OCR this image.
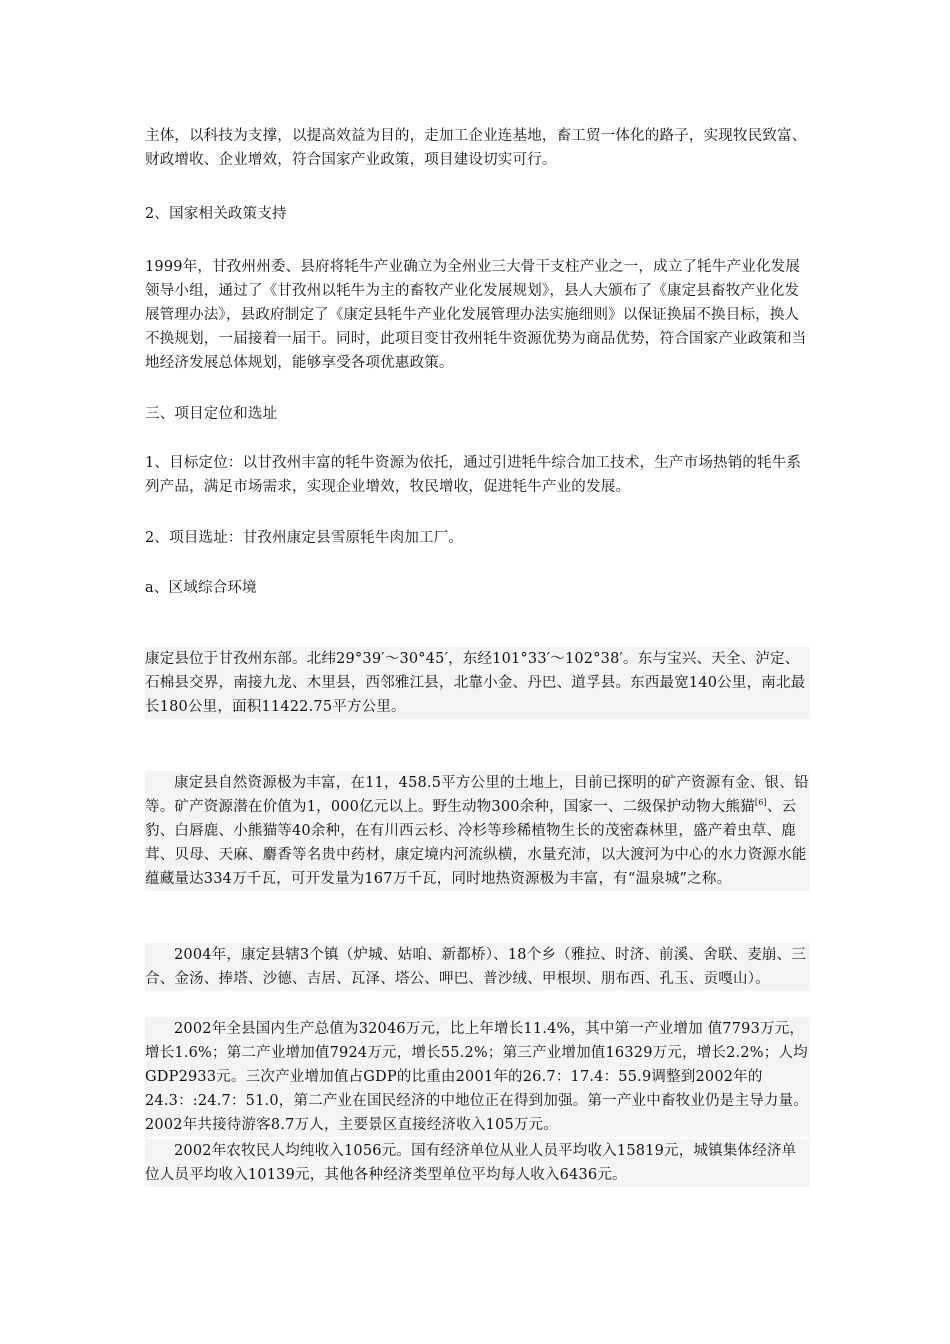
主体，以科技为支撑，以提高效益为目的，走加工企业连基地，畜工贸一体化的路子，实现牧民致富、财政增收、企业增效，符合国家产业政策，项目建设切实可行。

2、国家相关政策支持

1999年，甘孜州州委、县府将牦牛产业确立为全州业三大骨干支柱产业之一，成立了牦牛产业化发展领导小组，通过了《甘孜州以牦牛为主的畜牧产业化发展规划》，县人大颁布了《康定县畜牧产业化发展管理办法》，县政府制定了《康定县牦牛产业化发展管理办法实施细则》以保证换届不换目标，换人不换规划，一届接着一届干。同时，此项目变甘孜州牦牛资源优势为商品优势，符合国家产业政策和当地经济发展总体规划，能够享受各项优惠政策。

三、项目定位和选址

1、目标定位：以甘孜州丰富的牦牛资源为依托，通过引进牦牛综合加工技术，生产市场热销的牦牛系列产品，满足市场需求，实现企业增效，牧民增收，促进牦牛产业的发展。

2、项目选址：甘孜州康定县雪原牦牛肉加工厂。

a、区域综合环境

康定县位于甘孜州东部。北纬29°39′～30°45′，东经101°33′～102°38′。东与宝兴、天全、泸定、石棉县交界，南接九龙、木里县，西邻雅江县，北靠小金、丹巴、道孚县。东西最宽140公里，南北最长180公里，面积11422.75平方公里。

康定县自然资源极为丰富，在11，458.5平方公里的土地上，目前已探明的矿产资源有金、银、铅等。矿产资源潜在价值为1，000亿元以上。野生动物300余种，国家一、二级保护动物大熊猫[6]、云豹、白唇鹿、小熊猫等40余种，在有川西云杉、冷杉等珍稀植物生长的茂密森林里，盛产着虫草、鹿茸、贝母、天麻、麝香等名贵中药材，康定境内河流纵横，水量充沛，以大渡河为中心的水力资源水能蕴藏量达334万千瓦，可开发量为167万千瓦，同时地热资源极为丰富，有“温泉城”之称。

2004年，康定县辖3个镇（炉城、姑咱、新都桥）、18个乡（雅拉、时济、前溪、舍联、麦崩、三合、金汤、捧塔、沙德、吉居、瓦泽、塔公、呷巴、普沙绒、甲根坝、朋布西、孔玉、贡嘎山）。

2002年全县国内生产总值为32046万元，比上年增长11.4%，其中第一产业增加 值7793万元，增长1.6%；第二产业增加值7924万元，增长55.2%；第三产业增加值16329万元，增长2.2%；人均GDP2933元。三次产业增加值占GDP的比重由2001年的26.7：17.4：55.9调整到2002年的24.3：:24.7：51.0，第二产业在国民经济的中地位正在得到加强。第一产业中畜牧业仍是主导力量。2002年共接待游客8.7万人，主要景区直接经济收入105万元。

2002年农牧民人均纯收入1056元。国有经济单位从业人员平均收入15819元，城镇集体经济单位人员平均收入10139元，其他各种经济类型单位平均每人收入6436元。
